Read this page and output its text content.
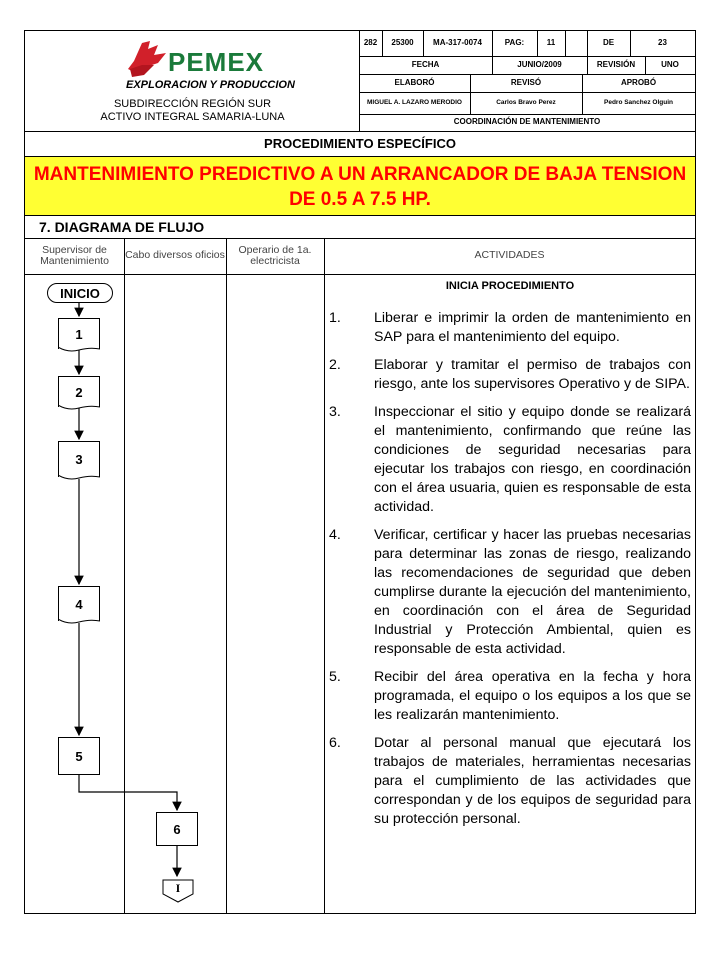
PEMEX
EXPLORACION Y PRODUCCION
SUBDIRECCIÓN REGIÓN SUR
ACTIVO INTEGRAL SAMARIA-LUNA
282	25300	MA-317-0074	PAG:	11	DE	23
FECHA	JUNIO/2009	REVISIÓN	UNO
ELABORÓ	REVISÓ	APROBÓ
MIGUEL A. LAZARO MERODIO	Carlos Bravo Perez	Pedro Sanchez Olguin
COORDINACIÓN DE MANTENIMIENTO
PROCEDIMIENTO ESPECÍFICO
MANTENIMIENTO PREDICTIVO A UN ARRANCADOR DE BAJA TENSION DE 0.5 A 7.5 HP.
7. DIAGRAMA DE FLUJO
Supervisor de Mantenimiento	Cabo diversos oficios	Operario de 1a. electricista	ACTIVIDADES
INICIO
1
2
3
4
5
6
I
INICIA PROCEDIMIENTO
1.	Liberar e imprimir la orden de mantenimiento en SAP para el mantenimiento del equipo.
2.	Elaborar y tramitar el permiso de trabajos con riesgo, ante los supervisores Operativo y de SIPA.
3.	Inspeccionar el sitio y equipo donde se realizará el mantenimiento, confirmando que reúne las condiciones de seguridad necesarias para ejecutar los trabajos con riesgo, en coordinación con el área usuaria, quien es responsable de esta actividad.
4.	Verificar, certificar y hacer las pruebas necesarias para determinar las zonas de riesgo, realizando las recomendaciones de seguridad que deben cumplirse durante la ejecución del mantenimiento, en coordinación con el área de Seguridad Industrial y Protección Ambiental, quien es responsable de esta actividad.
5.	Recibir del área operativa en la fecha y hora programada, el equipo o los equipos a los que se les realizarán mantenimiento.
6.	Dotar al personal manual que ejecutará los trabajos de materiales, herramientas necesarias para el cumplimiento de las actividades que correspondan y de los equipos de seguridad para su protección personal.
